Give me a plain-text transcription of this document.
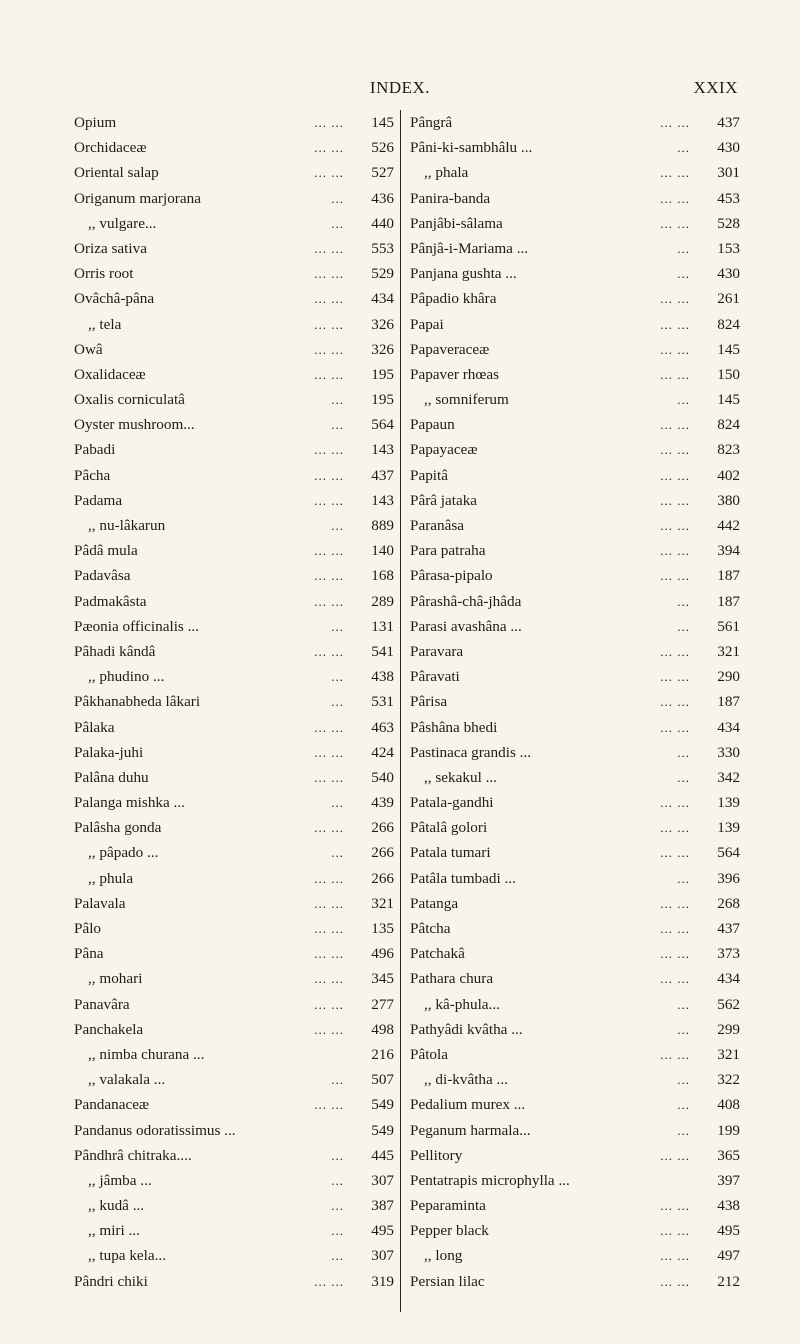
INDEX.	XXIX
Opium	... ...	145
Orchidaceæ	... ...	526
Oriental salap	... ...	527
Origanum marjorana	...	436
,, vulgare...	...	440
Oriza sativa	... ...	553
Orris root	... ...	529
Ovâchâ-pâna	... ...	434
,, tela	... ...	326
Owâ	... ...	326
Oxalidaceæ	... ...	195
Oxalis corniculatâ	...	195
Oyster mushroom...	...	564
Pabadi	... ...	143
Pâcha	... ...	437
Padama	... ...	143
,, nu-lâkarun	...	889
Pâdâ mula	... ...	140
Padavâsa	... ...	168
Padmakâsta	... ...	289
Pæonia officinalis ...	...	131
Pâhadi kândâ	... ...	541
,, phudino ...	...	438
Pâkhanabheda lâkari	...	531
Pâlaka	... ...	463
Palaka-juhi	... ...	424
Palâna duhu	... ...	540
Palanga mishka ...	...	439
Palâsha gonda	... ...	266
,, pâpado ...	...	266
,, phula	... ...	266
Palavala	... ...	321
Pâlo	... ...	135
Pâna	... ...	496
,, mohari	... ...	345
Panavâra	... ...	277
Panchakela	... ...	498
,, nimba churana ...	216
,, valakala ...	...	507
Pandanaceæ	... ...	549
Pandanus odoratissimus ...	549
Pândhrâ chitraka....	...	445
,, jâmba ...	...	307
,, kudâ ...	...	387
,, miri ...	...	495
,, tupa kela...	...	307
Pândri chiki	... ...	319
Pângrâ	... ...	437
Pâni-ki-sambhâlu ...	...	430
,, phala	... ...	301
Panira-banda	... ...	453
Panjâbi-sâlama	... ...	528
Pânjâ-i-Mariama ...	...	153
Panjana gushta ...	...	430
Pâpadio khâra	... ...	261
Papai	... ...	824
Papaveraceæ	... ...	145
Papaver rhœas	... ...	150
,, somniferum	...	145
Papaun	... ...	824
Papayaceæ	... ...	823
Papitâ	... ...	402
Pârâ jataka	... ...	380
Paranâsa	... ...	442
Para patraha	... ...	394
Pârasa-pipalo	... ...	187
Pârashâ-châ-jhâda	...	187
Parasi avashâna ...	...	561
Paravara	... ...	321
Pâravati	... ...	290
Pârisa	... ...	187
Pâshâna bhedi	... ...	434
Pastinaca grandis ...	...	330
,, sekakul ...	...	342
Patala-gandhi	... ...	139
Pâtalâ golori	... ...	139
Patala tumari	... ...	564
Patâla tumbadi ...	...	396
Patanga	... ...	268
Pâtcha	... ...	437
Patchakâ	... ...	373
Pathara chura	... ...	434
,, kâ-phula...	...	562
Pathyâdi kvâtha ...	...	299
Pâtola	... ...	321
,, di-kvâtha ...	...	322
Pedalium murex ...	...	408
Peganum harmala...	...	199
Pellitory	... ...	365
Pentatrapis microphylla ...	397
Peparaminta	... ...	438
Pepper black	... ...	495
,, long	... ...	497
Persian lilac	... ...	212
